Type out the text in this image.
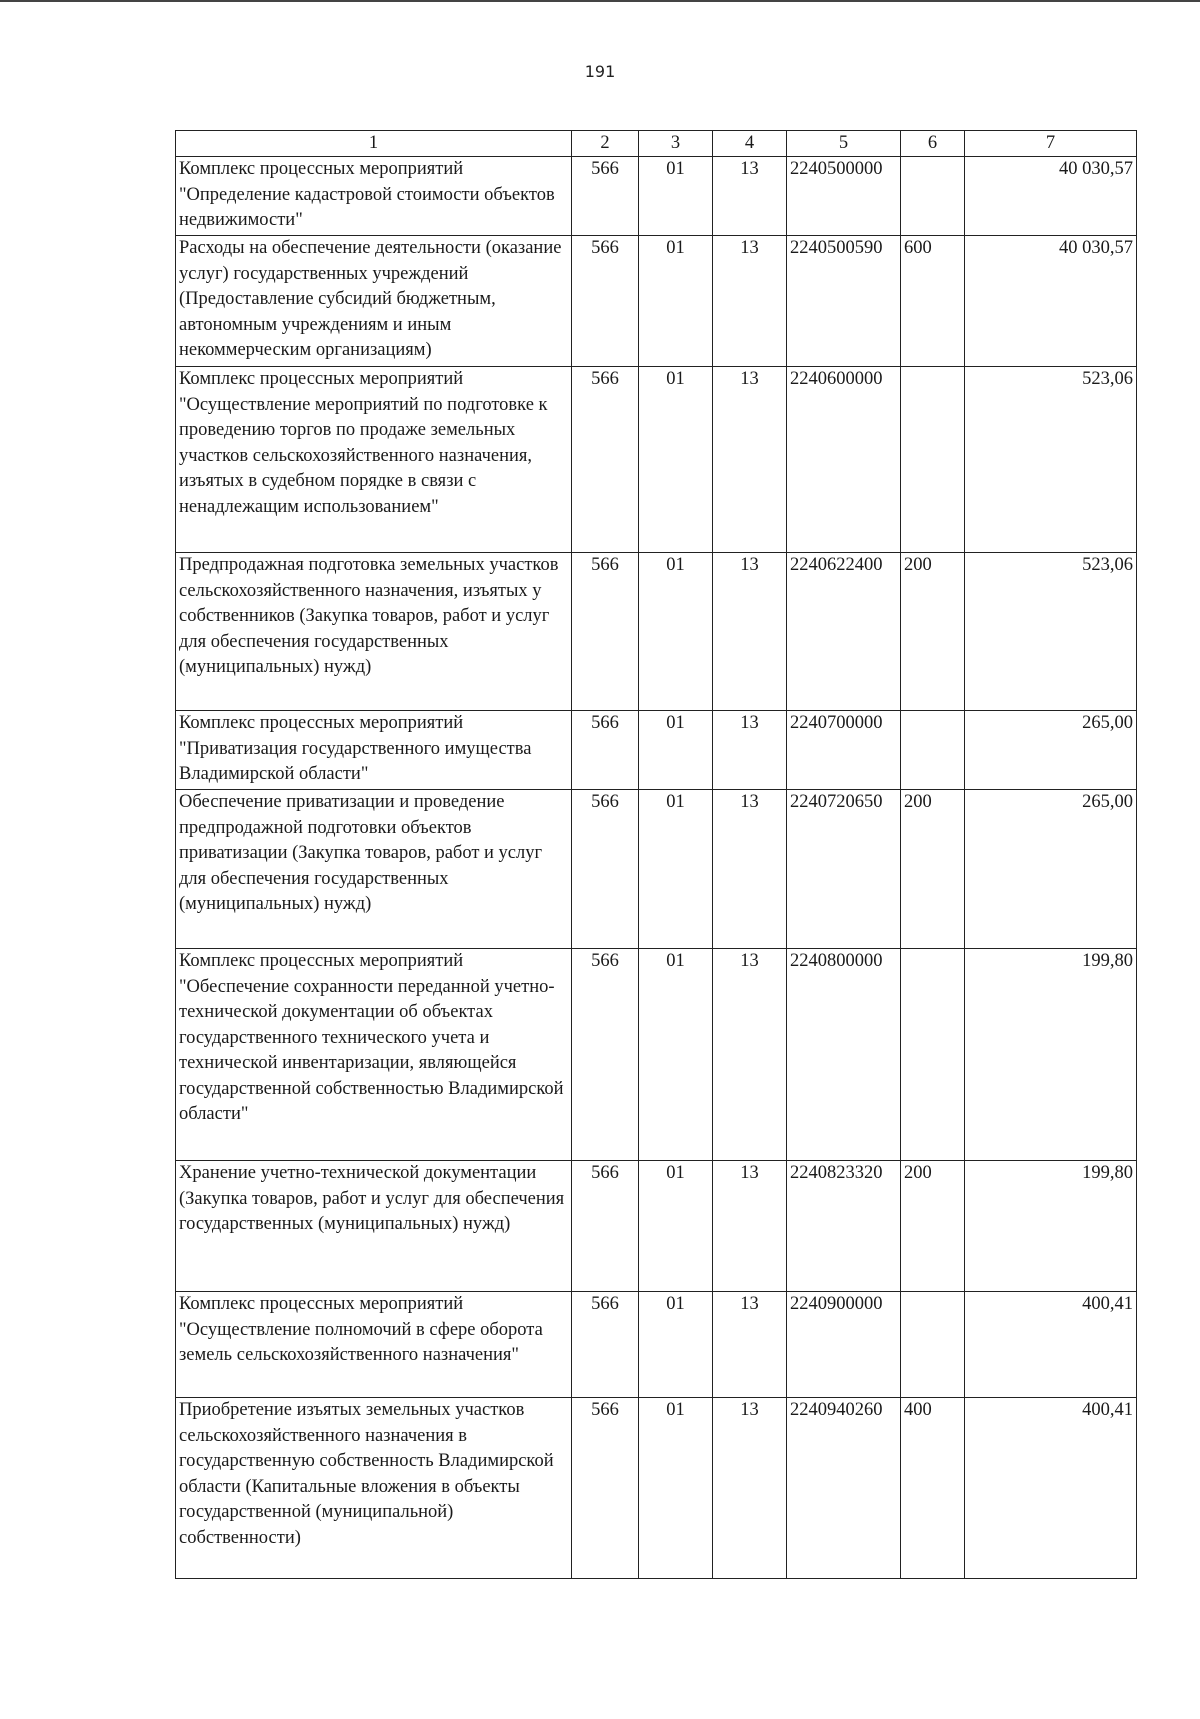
191
1	2	3	4	5	6	7
Комплекс процессных мероприятий "Определение кадастровой стоимости объектов недвижимости"	566	01	13	2240500000		40 030,57
Расходы на обеспечение деятельности (оказание услуг) государственных учреждений (Предоставление субсидий бюджетным, автономным учреждениям и иным некоммерческим организациям)	566	01	13	2240500590	600	40 030,57
Комплекс процессных мероприятий "Осуществление мероприятий по подготовке к проведению торгов по продаже земельных участков сельскохозяйственного назначения, изъятых в судебном порядке в связи с ненадлежащим использованием"	566	01	13	2240600000		523,06
Предпродажная подготовка земельных участков сельскохозяйственного назначения, изъятых у собственников (Закупка товаров, работ и услуг для обеспечения государственных (муниципальных) нужд)	566	01	13	2240622400	200	523,06
Комплекс процессных мероприятий "Приватизация государственного имущества Владимирской области"	566	01	13	2240700000		265,00
Обеспечение приватизации и проведение предпродажной подготовки объектов приватизации (Закупка товаров, работ и услуг для обеспечения государственных (муниципальных) нужд)	566	01	13	2240720650	200	265,00
Комплекс процессных мероприятий "Обеспечение сохранности переданной учетно-технической документации об объектах государственного технического учета и технической инвентаризации, являющейся государственной собственностью Владимирской области"	566	01	13	2240800000		199,80
Хранение учетно-технической документации (Закупка товаров, работ и услуг для обеспечения государственных (муниципальных) нужд)	566	01	13	2240823320	200	199,80
Комплекс процессных мероприятий "Осуществление полномочий в сфере оборота земель сельскохозяйственного назначения"	566	01	13	2240900000		400,41
Приобретение изъятых земельных участков сельскохозяйственного назначения в государственную собственность Владимирской области (Капитальные вложения в объекты государственной (муниципальной) собственности)	566	01	13	2240940260	400	400,41
